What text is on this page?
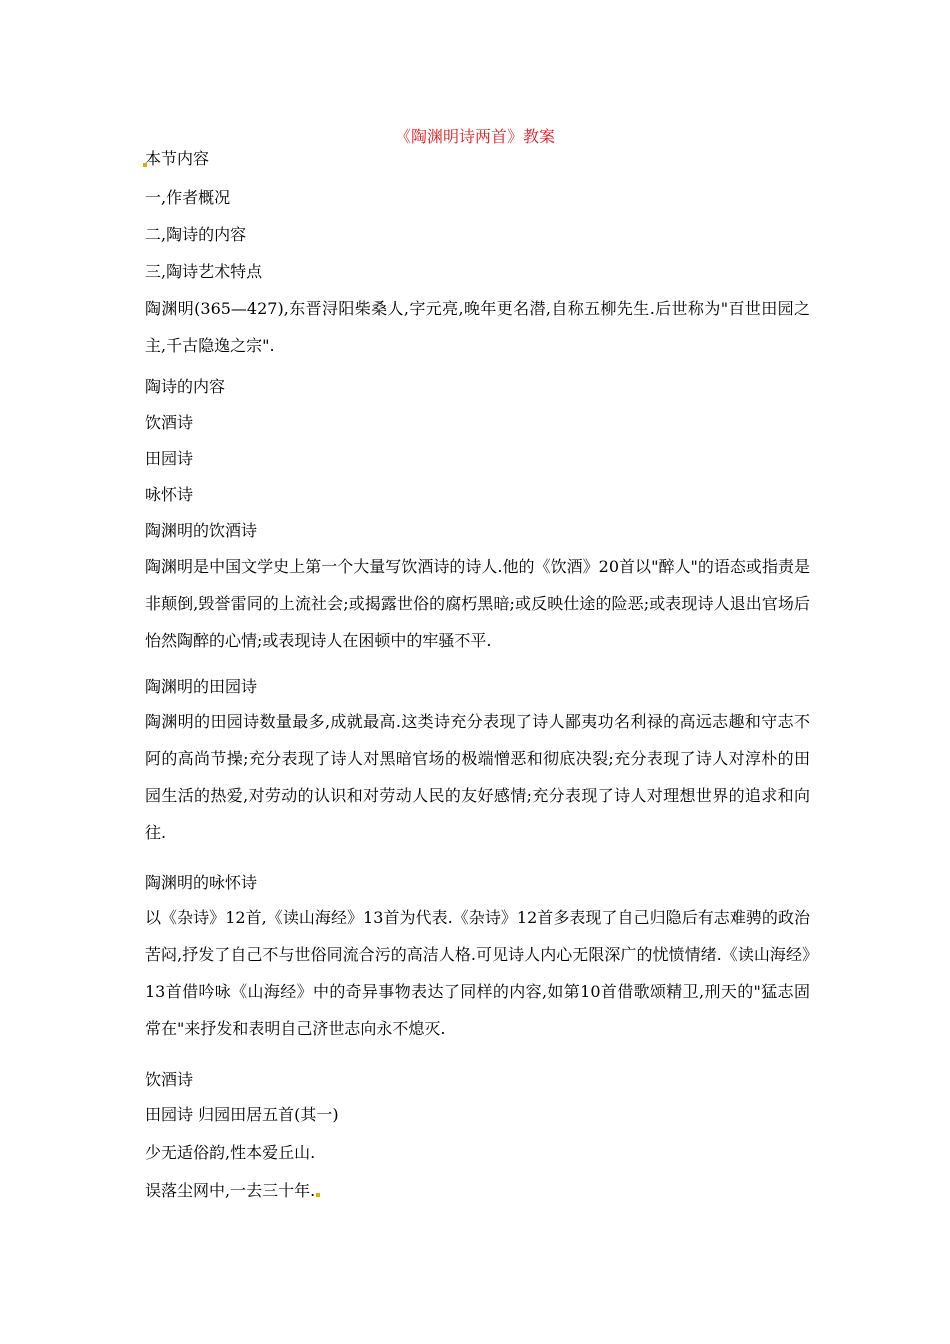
《陶渊明诗两首》教案
本节内容
一,作者概况
二,陶诗的内容
三,陶诗艺术特点
陶渊明(365—427),东晋浔阳柴桑人,字元亮,晚年更名潜,自称五柳先生.后世称为"百世田园之主,千古隐逸之宗".
陶诗的内容
饮酒诗
田园诗
咏怀诗
陶渊明的饮酒诗
陶渊明是中国文学史上第一个大量写饮酒诗的诗人.他的《饮酒》20首以"醉人"的语态或指责是非颠倒,毁誉雷同的上流社会;或揭露世俗的腐朽黑暗;或反映仕途的险恶;或表现诗人退出官场后怡然陶醉的心情;或表现诗人在困顿中的牢骚不平.
陶渊明的田园诗
陶渊明的田园诗数量最多,成就最高.这类诗充分表现了诗人鄙夷功名利禄的高远志趣和守志不阿的高尚节操;充分表现了诗人对黑暗官场的极端憎恶和彻底决裂;充分表现了诗人对淳朴的田园生活的热爱,对劳动的认识和对劳动人民的友好感情;充分表现了诗人对理想世界的追求和向往.
陶渊明的咏怀诗
以《杂诗》12首,《读山海经》13首为代表.《杂诗》12首多表现了自己归隐后有志难骋的政治苦闷,抒发了自己不与世俗同流合污的高洁人格.可见诗人内心无限深广的忧愤情绪.《读山海经》13首借吟咏《山海经》中的奇异事物表达了同样的内容,如第10首借歌颂精卫,刑天的"猛志固常在"来抒发和表明自己济世志向永不熄灭.
饮酒诗
田园诗 归园田居五首(其一)
少无适俗韵,性本爱丘山.
误落尘网中,一去三十年.
